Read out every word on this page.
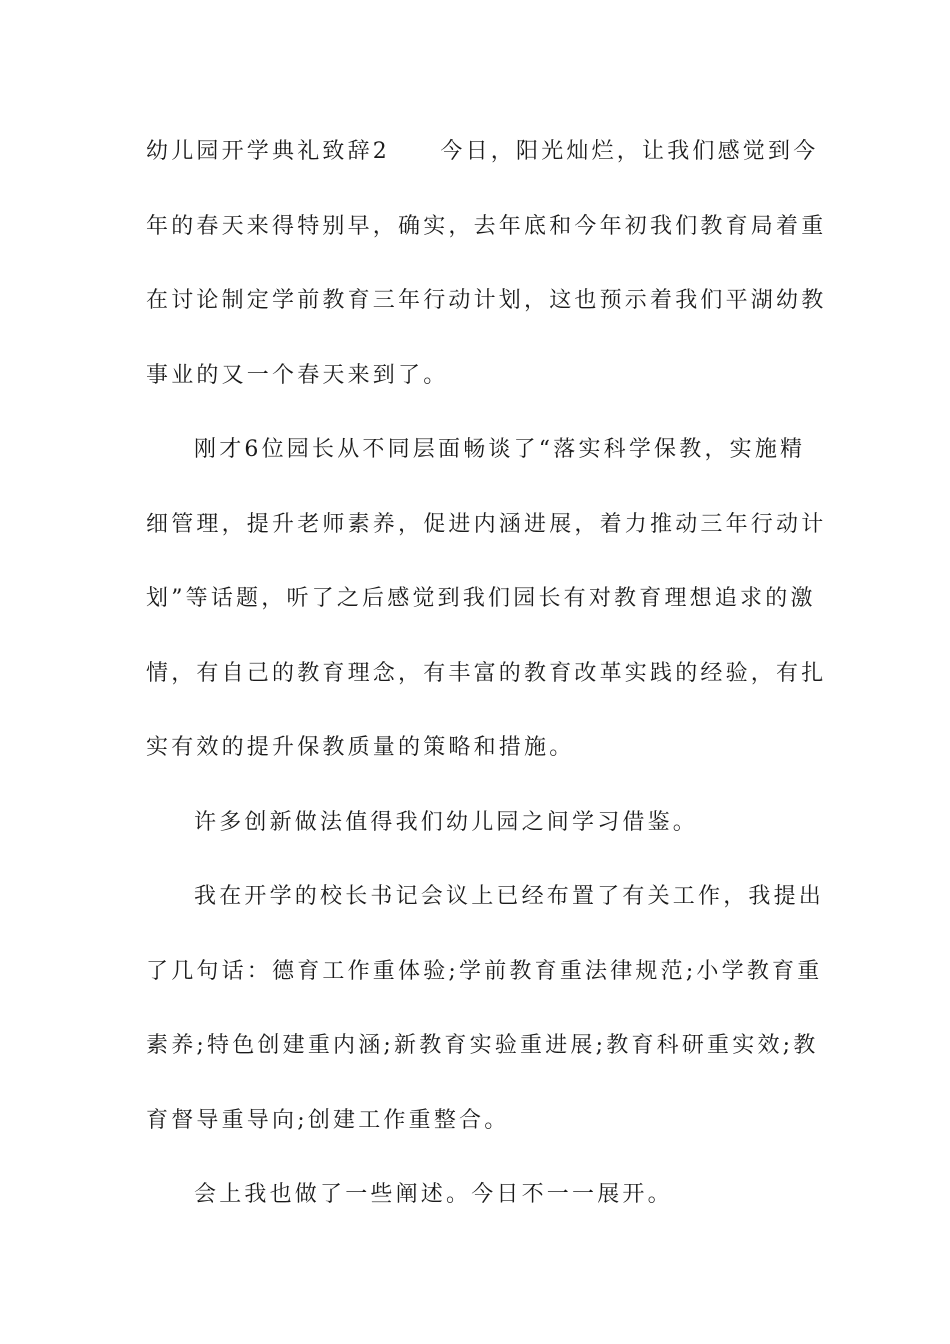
幼儿园开学典礼致辞2　　今日，阳光灿烂，让我们感觉到今
年的春天来得特别早，确实，去年底和今年初我们教育局着重
在讨论制定学前教育三年行动计划，这也预示着我们平湖幼教
事业的又一个春天来到了。
刚才6位园长从不同层面畅谈了“落实科学保教，实施精
细管理，提升老师素养，促进内涵进展，着力推动三年行动计
划”等话题，听了之后感觉到我们园长有对教育理想追求的激
情，有自己的教育理念，有丰富的教育改革实践的经验，有扎
实有效的提升保教质量的策略和措施。
许多创新做法值得我们幼儿园之间学习借鉴。
我在开学的校长书记会议上已经布置了有关工作，我提出
了几句话：德育工作重体验;学前教育重法律规范;小学教育重
素养;特色创建重内涵;新教育实验重进展;教育科研重实效;教
育督导重导向;创建工作重整合。
会上我也做了一些阐述。今日不一一展开。
